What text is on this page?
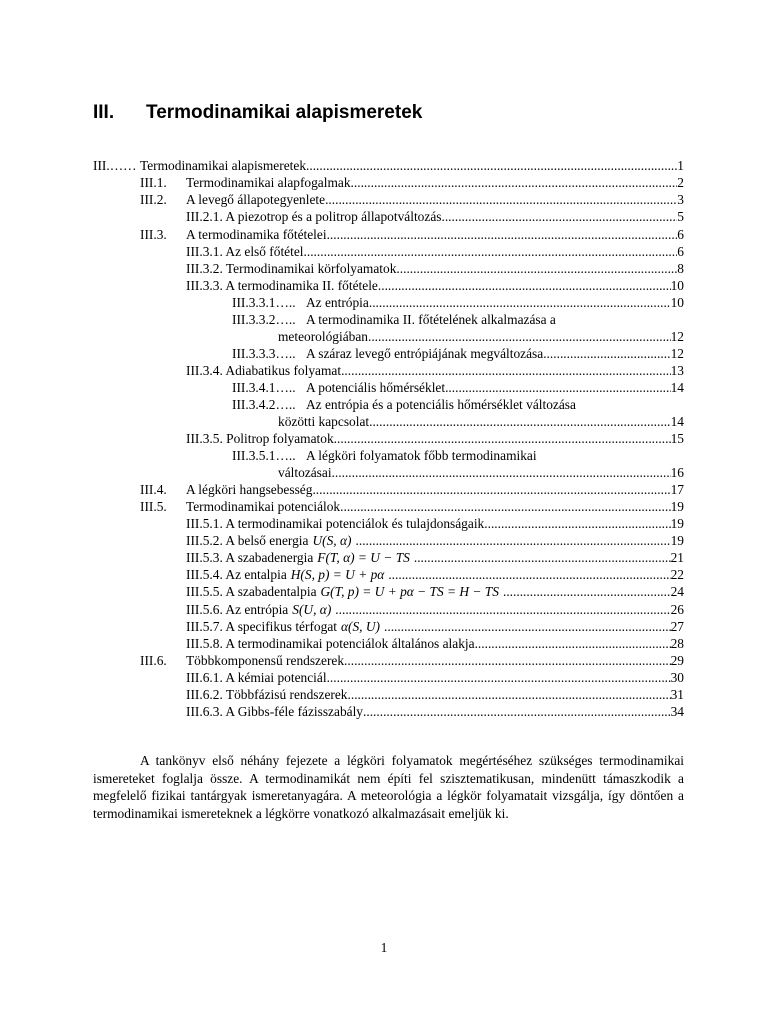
III. Termodinamikai alapismeretek
III.…… Termodinamikai alapismeretek .....	1
III.1. Termodinamikai alapfogalmak .....	2
III.2. A levegő állapotegyenlete .....	3
III.2.1. A piezotrop és a politrop állapotváltozás .....	5
III.3. A termodinamika főtételei .....	6
III.3.1. Az első főtétel .....	6
III.3.2. Termodinamikai körfolyamatok .....	8
III.3.3. A termodinamika II. főtétele .....	10
III.3.3.1….. Az entrópia .....	10
III.3.3.2….. A termodinamika II. főtételének alkalmazása a
meteorológiában .....	12
III.3.3.3….. A száraz levegő entrópiájának megváltozása .....	12
III.3.4. Adiabatikus folyamat .....	13
III.3.4.1….. A potenciális hőmérséklet .....	14
III.3.4.2….. Az entrópia és a potenciális hőmérséklet változása
közötti kapcsolat .....	14
III.3.5. Politrop folyamatok .....	15
III.3.5.1….. A légköri folyamatok főbb termodinamikai
változásai .....	16
III.4. A légköri hangsebesség .....	17
III.5. Termodinamikai potenciálok .....	19
III.5.1. A termodinamikai potenciálok és tulajdonságaik .....	19
III.5.2. A belső energia U(S, α) .....	19
III.5.3. A szabadenergia F(T, α) = U − TS .....	21
III.5.4. Az entalpia H(S, p) = U + pα .....	22
III.5.5. A szabadentalpia G(T, p) = U + pα − TS = H − TS .....	24
III.5.6. Az entrópia S(U, α) .....	26
III.5.7. A specifikus térfogat α(S, U) .....	27
III.5.8. A termodinamikai potenciálok általános alakja .....	28
III.6. Többkomponensű rendszerek .....	29
III.6.1. A kémiai potenciál .....	30
III.6.2. Többfázisú rendszerek .....	31
III.6.3. A Gibbs-féle fázisszabály .....	34

A tankönyv első néhány fejezete a légköri folyamatok megértéséhez szükséges termodinamikai ismereteket foglalja össze. A termodinamikát nem építi fel szisztematikusan, mindenütt támaszkodik a megfelelő fizikai tantárgyak ismeretanyagára. A meteorológia a légkör folyamatait vizsgálja, így döntően a termodinamikai ismereteknek a légkörre vonatkozó alkalmazásait emeljük ki.

1
